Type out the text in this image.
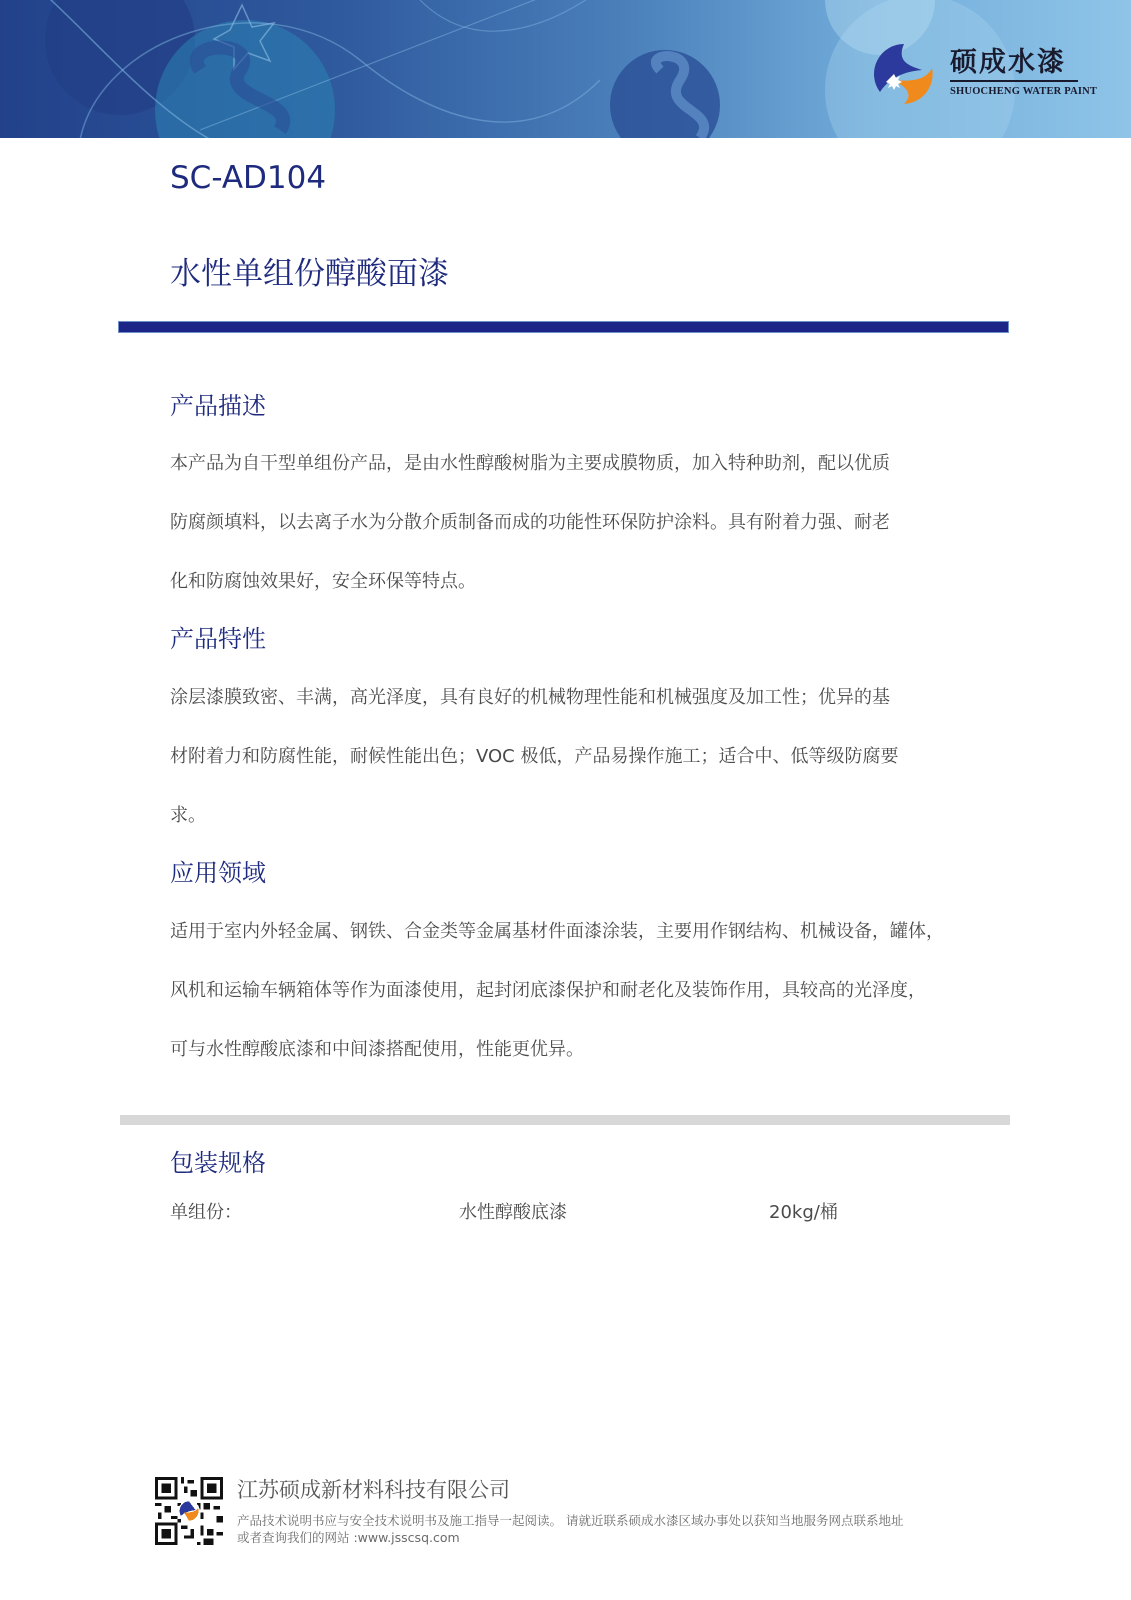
硕成水漆
SHUOCHENG WATER PAINT
SC-AD104
水性单组份醇酸面漆
产品描述
本产品为自干型单组份产品，是由水性醇酸树脂为主要成膜物质，加入特种助剂，配以优质
防腐颜填料，以去离子水为分散介质制备而成的功能性环保防护涂料。具有附着力强、耐老
化和防腐蚀效果好，安全环保等特点。
产品特性
涂层漆膜致密、丰满，高光泽度，具有良好的机械物理性能和机械强度及加工性；优异的基
材附着力和防腐性能，耐候性能出色；VOC 极低，产品易操作施工；适合中、低等级防腐要
求。
应用领域
适用于室内外轻金属、钢铁、合金类等金属基材件面漆涂装，主要用作钢结构、机械设备，罐体，
风机和运输车辆箱体等作为面漆使用，起封闭底漆保护和耐老化及装饰作用，具较高的光泽度，
可与水性醇酸底漆和中间漆搭配使用，性能更优异。
包装规格
单组份：	水性醇酸底漆	20kg/桶
江苏硕成新材料科技有限公司
产品技术说明书应与安全技术说明书及施工指导一起阅读。 请就近联系硕成水漆区域办事处以获知当地服务网点联系地址
或者查询我们的网站 :www.jsscsq.com
